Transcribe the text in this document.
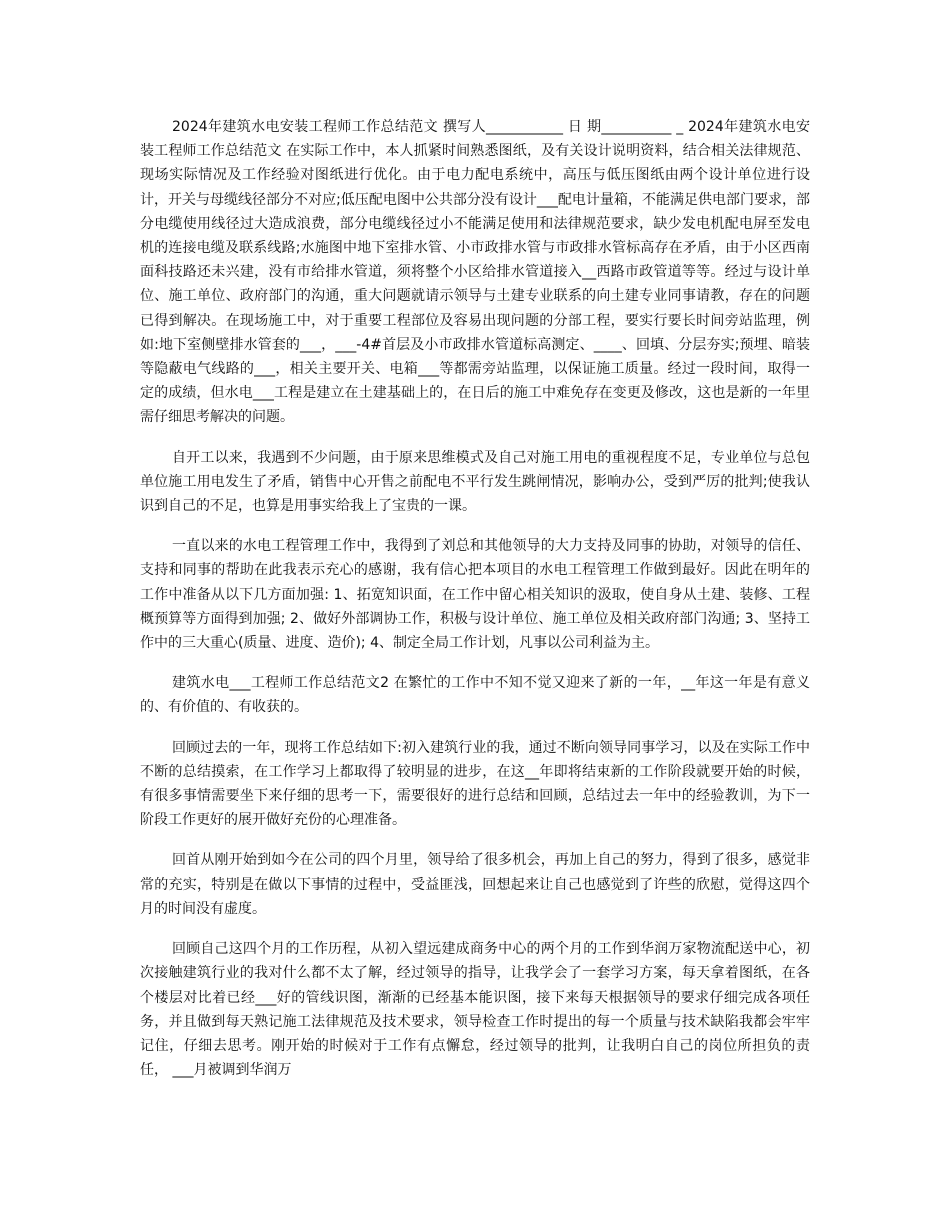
2024年建筑水电安装工程师工作总结范文 撰写人___________ 日 期__________ _ 2024年建筑水电安装工程师工作总结范文 在实际工作中，本人抓紧时间熟悉图纸，及有关设计说明资料，结合相关法律规范、现场实际情况及工作经验对图纸进行优化。由于电力配电系统中，高压与低压图纸由两个设计单位进行设计，开关与母缆线径部分不对应;低压配电图中公共部分没有设计___配电计量箱，不能满足供电部门要求，部分电缆使用线径过大造成浪费，部分电缆线径过小不能满足使用和法律规范要求，缺少发电机配电屏至发电机的连接电缆及联系线路;水施图中地下室排水管、小市政排水管与市政排水管标高存在矛盾，由于小区西南面科技路还未兴建，没有市给排水管道，须将整个小区给排水管道接入__西路市政管道等等。经过与设计单位、施工单位、政府部门的沟通，重大问题就请示领导与土建专业联系的向土建专业同事请教，存在的问题已得到解决。在现场施工中，对于重要工程部位及容易出现问题的分部工程，要实行要长时间旁站监理，例如:地下室侧壁排水管套的___，___-4#首层及小市政排水管道标高测定、____、回填、分层夯实;预埋、暗装等隐蔽电气线路的___，相关主要开关、电箱___等都需旁站监理，以保证施工质量。经过一段时间，取得一定的成绩，但水电___工程是建立在土建基础上的，在日后的施工中难免存在变更及修改，这也是新的一年里需仔细思考解决的问题。

自开工以来，我遇到不少问题，由于原来思维模式及自己对施工用电的重视程度不足，专业单位与总包单位施工用电发生了矛盾，销售中心开售之前配电不平行发生跳闸情况，影响办公，受到严厉的批判;使我认识到自己的不足，也算是用事实给我上了宝贵的一课。

一直以来的水电工程管理工作中，我得到了刘总和其他领导的大力支持及同事的协助，对领导的信任、支持和同事的帮助在此我表示充心的感谢，我有信心把本项目的水电工程管理工作做到最好。因此在明年的工作中准备从以下几方面加强: 1、拓宽知识面，在工作中留心相关知识的汲取，使自身从土建、装修、工程概预算等方面得到加强; 2、做好外部调协工作，积极与设计单位、施工单位及相关政府部门沟通; 3、坚持工作中的三大重心(质量、进度、造价); 4、制定全局工作计划，凡事以公司利益为主。

建筑水电___工程师工作总结范文2 在繁忙的工作中不知不觉又迎来了新的一年，__年这一年是有意义的、有价值的、有收获的。

回顾过去的一年，现将工作总结如下:初入建筑行业的我，通过不断向领导同事学习，以及在实际工作中不断的总结摸索，在工作学习上都取得了较明显的进步，在这__年即将结束新的工作阶段就要开始的时候，有很多事情需要坐下来仔细的思考一下，需要很好的进行总结和回顾，总结过去一年中的经验教训，为下一阶段工作更好的展开做好充份的心理准备。

回首从刚开始到如今在公司的四个月里，领导给了很多机会，再加上自己的努力，得到了很多，感觉非常的充实，特别是在做以下事情的过程中，受益匪浅，回想起来让自己也感觉到了许些的欣慰，觉得这四个月的时间没有虚度。

回顾自己这四个月的工作历程，从初入望远建成商务中心的两个月的工作到华润万家物流配送中心，初次接触建筑行业的我对什么都不太了解，经过领导的指导，让我学会了一套学习方案，每天拿着图纸，在各个楼层对比着已经___好的管线识图，渐渐的已经基本能识图，接下来每天根据领导的要求仔细完成各项任务，并且做到每天熟记施工法律规范及技术要求，领导检查工作时提出的每一个质量与技术缺陷我都会牢牢记住，仔细去思考。刚开始的时候对于工作有点懈怠，经过领导的批判，让我明白自己的岗位所担负的责任， ___月被调到华润万
